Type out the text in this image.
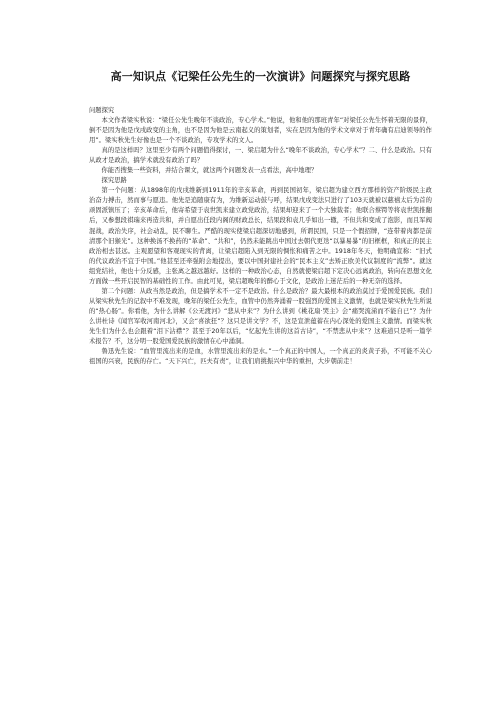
高一知识点《记梁任公先生的一次演讲》问题探究与探究思路
问题探究

本文作者梁实秋说：“梁任公先生晚年不谈政治，专心学术。”他说，他和他的那班青年“对梁任公先生怀着无限的景仰，倒不是因为他是戊戌政变的主角，也不是因为他是云南起义的策划者，实在是因为他的学术文章对于青年确有启迪领导的作用”。梁实秋先生好像也是一个不谈政治，专攻学术的文人。

真的是这样吗？这里至少有两个问题值得探讨，一、梁启超为什么“晚年不谈政治，专心学术”？二、什么是政治。只有从政才是政治，搞学术就没有政治了吗？

你能否搜集一些资料，并结合课文，就这两个问题发表一点看法，高中地理？

探究思路

第一个问题：从1898年的戊戌维新到1911年的辛亥革命，再到民国初年，梁启超为建立西方那样的资产阶级民主政治奋力搏击，然而事与愿违。他先是追随康有为，为维新运动鼓与呼，结果戊戌变法只进行了103天就被以慈禧太后为首的顽固派镇压了；辛亥革命后，他寄希望于袁世凯来建立政党政治，结果却迎来了一个大独裁者；他联合蔡锷等将袁世凯推翻后，又参想段祺瑞来再造共和，并自愿出任段内阁的财政总长，结果段和袁几乎如出一辙，不但共和变成了泡影，而且军阀混战，政治失序，社会动乱，民不聊生。严酷的现实使梁启超深切地感到，所谓民国，只是一个假招牌，“连带着肉都是前清那个旧猴光”。这种换汤不换药的“革命”、“共和”，仍然未能跳出中国过去朝代更迭“以暴易暴”的旧框框，和真正的民主政治相去甚远。主观愿望和客观现实的背离，让梁启超陷入到无限的惆怅和痛苦之中。1918年冬天，他明确宣称：“旧式的代议政治不宜于中国。”他甚至还牵强附会地提出，要以中国封建社会的“民本主义”去矫正欧美代议制度的“流弊”。就这组党结社，他也十分反感，主张离之越远越好。这样的一种政治心态，自然就使梁启超下定决心远离政治，转向在思想文化方面做一些开启民智的基础性的工作。由此可见，梁启超晚年的醉心于文化，是政治上迷茫后的一种无奈的选择。

第二个问题：从政当然是政治，但是搞学术不一定不是政治。什么是政治？最大最根本的政治莫过于爱国爱民族。我们从梁实秋先生的记叙中不难发现，晚年的梁任公先生，血管中仍然奔涌着一股强烈的爱国主义激情，也就是梁实秋先生所说的“热心肠”。你看他，为什么讲解《公无渡河》“悲从中来”？为什么讲到《桃花扇·哭主》会“痛哭流涕而不能自已”？为什么讲杜诗《闻官军收河南河北》，又会“喜欲狂”？这只是讲文学？不，这是宣泄蕴蓄在内心深处的爱国主义激情。而梁实秋先生们为什么也会跟着“泪下沾襟”？甚至于20年以后，“忆起先生讲的这首古诗”，“不禁悲从中来”？这难道只是听一篇学术报告？不，这分明一股爱国爱民族的激情在心中涌洞。

鲁迅先生说：“血管里流出来的是血，水管里流出来的是水。”一个真正的中国人，一个真正的炎黄子孙，不可能不关心祖国的兴衰，民族的存亡。“天下兴亡，匹夫有责”，让我们肩挑振兴中华的重担，大步朝前走！
